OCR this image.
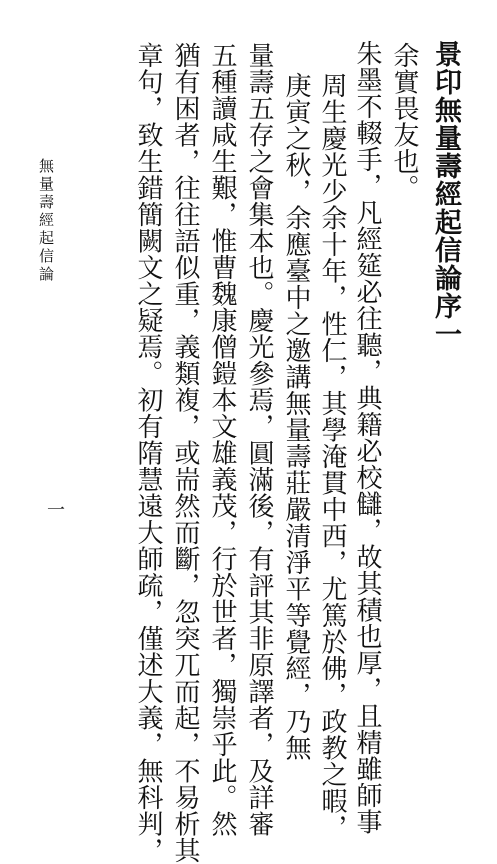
景印無量壽經起信論序一
余實畏友也。
朱墨不輟手，凡經筵必往聽，典籍必校讎，故其積也厚，且精雖師事
周生慶光少余十年，性仁，其學淹貫中西，尤篤於佛，政教之暇，
庚寅之秋，余應臺中之邀講無量壽莊嚴清淨平等覺經，乃無
量壽五存之會集本也。慶光參焉，圓滿後，有評其非原譯者，及詳審
五種讀咸生艱，惟曹魏康僧鎧本文雄義茂，行於世者，獨崇乎此。然
猶有困者，往往語似重，義類複，或耑然而斷，忽突兀而起，不易析其
章句，致生錯簡闕文之疑焉。初有隋慧遠大師疏，僅述大義，無科判，
無量壽經起信論
一
